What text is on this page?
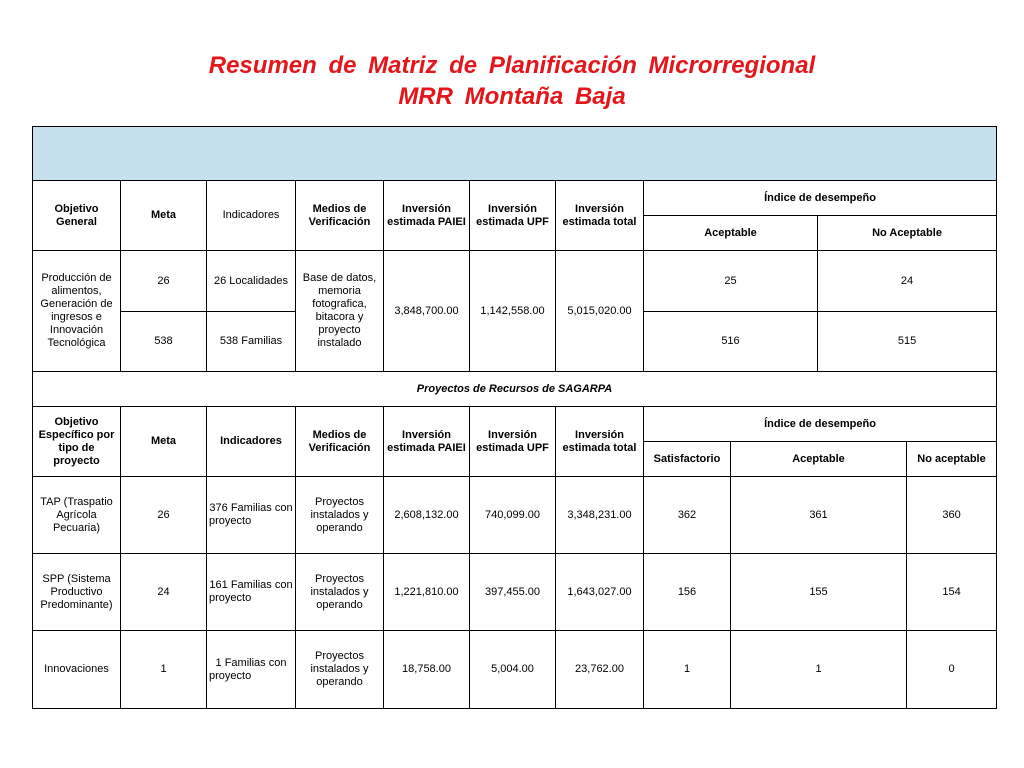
Resumen de Matriz de Planificación Microrregional
MRR Montaña Baja

Objetivo General	Meta	Indicadores	Medios de Verificación	Inversión estimada PAIEI	Inversión estimada UPF	Inversión estimada total	Índice de desempeño			
							Aceptable		No Aceptable	
Producción de alimentos, Generación de ingresos e Innovación Tecnológica	26	26 Localidades	Base de datos, memoria fotografica, bitacora y proyecto instalado	3,848,700.00	1,142,558.00	5,015,020.00	25		24	
	538	538 Familias					516		515	
Proyectos de Recursos de SAGARPA										
Objetivo Específico por tipo de proyecto	Meta	Indicadores	Medios de Verificación	Inversión estimada PAIEI	Inversión estimada UPF	Inversión estimada total	Índice de desempeño			
							Satisfactorio	Aceptable		No aceptable
TAP (Traspatio Agrícola Pecuaria)	26	376 Familias con proyecto	Proyectos instalados y operando	2,608,132.00	740,099.00	3,348,231.00	362	361		360
SPP (Sistema Productivo Predominante)	24	161 Familias con proyecto	Proyectos instalados y operando	1,221,810.00	397,455.00	1,643,027.00	156	155		154
Innovaciones	1	1 Familias con proyecto	Proyectos instalados y operando	18,758.00	5,004.00	23,762.00	1	1		0
